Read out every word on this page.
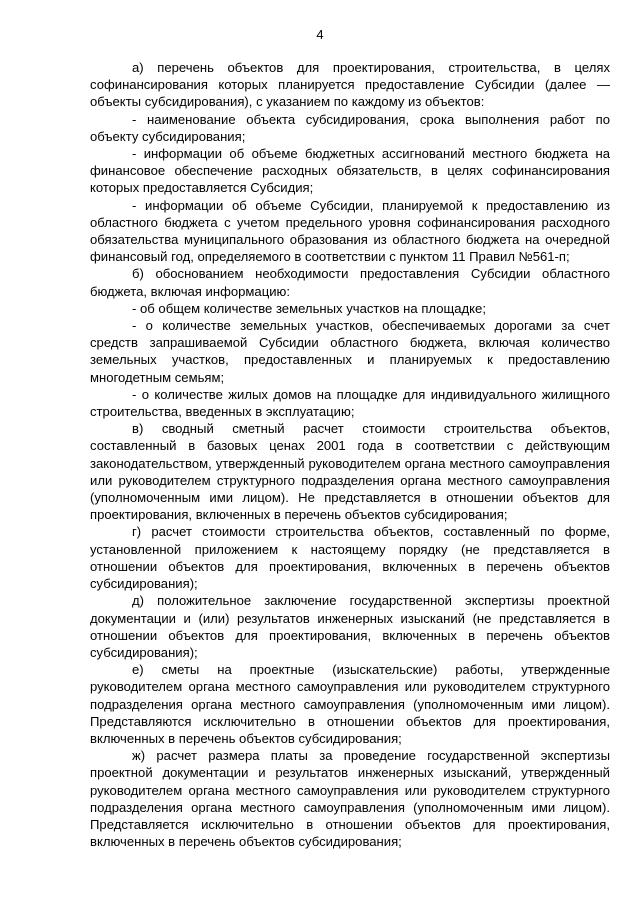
4

а) перечень объектов для проектирования, строительства, в целях софинансирования которых планируется предоставление Субсидии (далее — объекты субсидирования), с указанием по каждому из объектов:

- наименование объекта субсидирования, срока выполнения работ по объекту субсидирования;

- информации об объеме бюджетных ассигнований местного бюджета на финансовое обеспечение расходных обязательств, в целях софинансирования которых предоставляется Субсидия;

- информации об объеме Субсидии, планируемой к предоставлению из областного бюджета с учетом предельного уровня софинансирования расходного обязательства муниципального образования из областного бюджета на очередной финансовый год, определяемого в соответствии с пунктом 11 Правил №561-п;

б) обоснованием необходимости предоставления Субсидии областного бюджета, включая информацию:

- об общем количестве земельных участков на площадке;

- о количестве земельных участков, обеспечиваемых дорогами за счет средств запрашиваемой Субсидии областного бюджета, включая количество земельных участков, предоставленных и планируемых к предоставлению многодетным семьям;

- о количестве жилых домов на площадке для индивидуального жилищного строительства, введенных в эксплуатацию;

в) сводный сметный расчет стоимости строительства объектов, составленный в базовых ценах 2001 года в соответствии с действующим законодательством, утвержденный руководителем органа местного самоуправления или руководителем структурного подразделения органа местного самоуправления (уполномоченным ими лицом). Не представляется в отношении объектов для проектирования, включенных в перечень объектов субсидирования;

г) расчет стоимости строительства объектов, составленный по форме, установленной приложением к настоящему порядку (не представляется в отношении объектов для проектирования, включенных в перечень объектов субсидирования);

д) положительное заключение государственной экспертизы проектной документации и (или) результатов инженерных изысканий (не представляется в отношении объектов для проектирования, включенных в перечень объектов субсидирования);

е) сметы на проектные (изыскательские) работы, утвержденные руководителем органа местного самоуправления или руководителем структурного подразделения органа местного самоуправления (уполномоченным ими лицом). Представляются исключительно в отношении объектов для проектирования, включенных в перечень объектов субсидирования;

ж) расчет размера платы за проведение государственной экспертизы проектной документации и результатов инженерных изысканий, утвержденный руководителем органа местного самоуправления или руководителем структурного подразделения органа местного самоуправления (уполномоченным ими лицом). Представляется исключительно в отношении объектов для проектирования, включенных в перечень объектов субсидирования;
